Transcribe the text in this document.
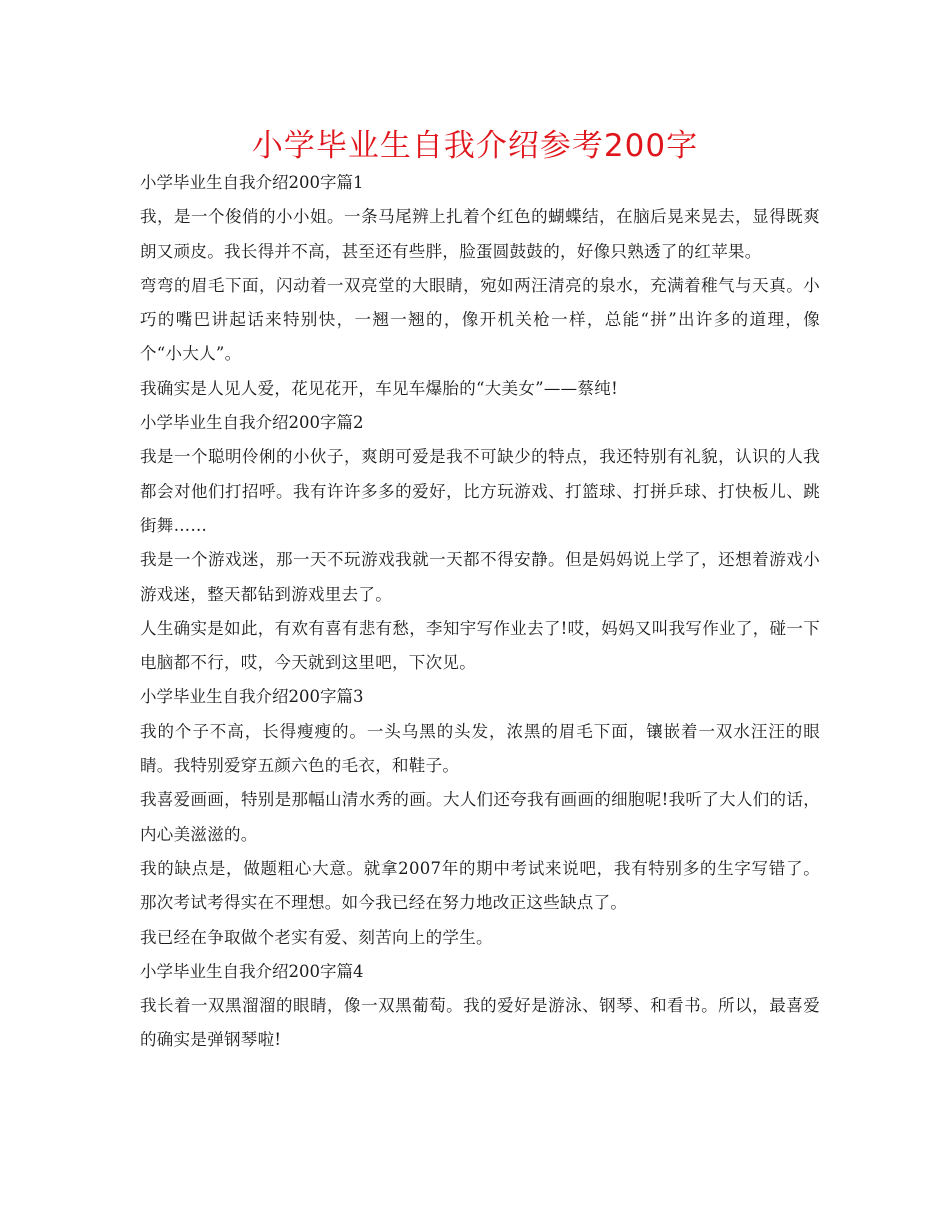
小学毕业生自我介绍参考200字

小学毕业生自我介绍200字篇1

我，是一个俊俏的小小姐。一条马尾辨上扎着个红色的蝴蝶结，在脑后晃来晃去，显得既爽朗又顽皮。我长得并不高，甚至还有些胖，脸蛋圆鼓鼓的，好像只熟透了的红苹果。

弯弯的眉毛下面，闪动着一双亮堂的大眼睛，宛如两汪清亮的泉水，充满着稚气与天真。小巧的嘴巴讲起话来特别快，一翘一翘的，像开机关枪一样，总能“拼”出许多的道理，像个“小大人”。

我确实是人见人爱，花见花开，车见车爆胎的“大美女”——蔡纯!

小学毕业生自我介绍200字篇2

我是一个聪明伶俐的小伙子，爽朗可爱是我不可缺少的特点，我还特别有礼貌，认识的人我都会对他们打招呼。我有许许多多的爱好，比方玩游戏、打篮球、打拼乒球、打快板儿、跳街舞……

我是一个游戏迷，那一天不玩游戏我就一天都不得安静。但是妈妈说上学了，还想着游戏小游戏迷，整天都钻到游戏里去了。

人生确实是如此，有欢有喜有悲有愁，李知宇写作业去了!哎，妈妈又叫我写作业了，碰一下电脑都不行，哎，今天就到这里吧，下次见。

小学毕业生自我介绍200字篇3

我的个子不高，长得瘦瘦的。一头乌黑的头发，浓黑的眉毛下面，镶嵌着一双水汪汪的眼睛。我特别爱穿五颜六色的毛衣，和鞋子。

我喜爱画画，特别是那幅山清水秀的画。大人们还夸我有画画的细胞呢!我听了大人们的话，内心美滋滋的。

我的缺点是，做题粗心大意。就拿2007年的期中考试来说吧，我有特别多的生字写错了。那次考试考得实在不理想。如今我已经在努力地改正这些缺点了。

我已经在争取做个老实有爱、刻苦向上的学生。

小学毕业生自我介绍200字篇4

我长着一双黑溜溜的眼睛，像一双黑葡萄。我的爱好是游泳、钢琴、和看书。所以，最喜爱的确实是弹钢琴啦!
